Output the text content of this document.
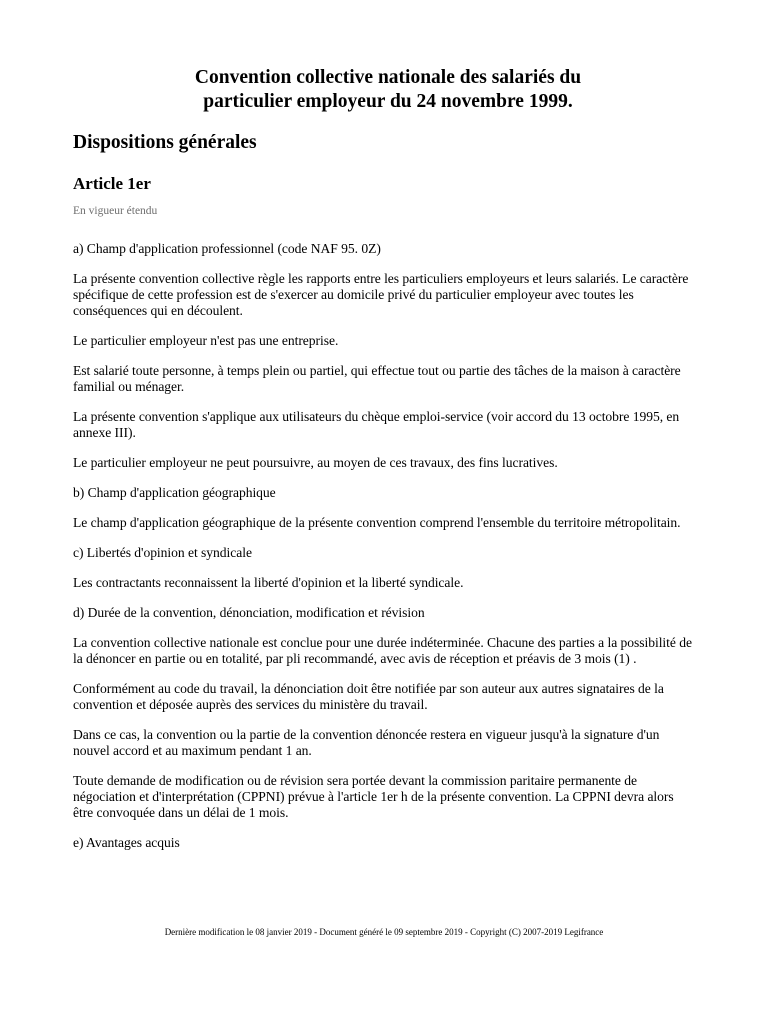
Convention collective nationale des salariés du
particulier employeur du 24 novembre 1999.
Dispositions générales
Article 1er
En vigueur étendu

a) Champ d'application professionnel (code NAF 95. 0Z)

La présente convention collective règle les rapports entre les particuliers employeurs et leurs salariés. Le caractère spécifique de cette profession est de s'exercer au domicile privé du particulier employeur avec toutes les conséquences qui en découlent.

Le particulier employeur n'est pas une entreprise.

Est salarié toute personne, à temps plein ou partiel, qui effectue tout ou partie des tâches de la maison à caractère familial ou ménager.

La présente convention s'applique aux utilisateurs du chèque emploi-service (voir accord du 13 octobre 1995, en annexe III).

Le particulier employeur ne peut poursuivre, au moyen de ces travaux, des fins lucratives.

b) Champ d'application géographique

Le champ d'application géographique de la présente convention comprend l'ensemble du territoire métropolitain.

c) Libertés d'opinion et syndicale

Les contractants reconnaissent la liberté d'opinion et la liberté syndicale.

d) Durée de la convention, dénonciation, modification et révision

La convention collective nationale est conclue pour une durée indéterminée. Chacune des parties a la possibilité de la dénoncer en partie ou en totalité, par pli recommandé, avec avis de réception et préavis de 3 mois (1) .

Conformément au code du travail, la dénonciation doit être notifiée par son auteur aux autres signataires de la convention et déposée auprès des services du ministère du travail.

Dans ce cas, la convention ou la partie de la convention dénoncée restera en vigueur jusqu'à la signature d'un nouvel accord et au maximum pendant 1 an.

Toute demande de modification ou de révision sera portée devant la commission paritaire permanente de négociation et d'interprétation (CPPNI) prévue à l'article 1er h de la présente convention. La CPPNI devra alors être convoquée dans un délai de 1 mois.

e) Avantages acquis

Dernière modification le 08 janvier 2019 - Document généré le 09 septembre 2019 - Copyright (C) 2007-2019 Legifrance
